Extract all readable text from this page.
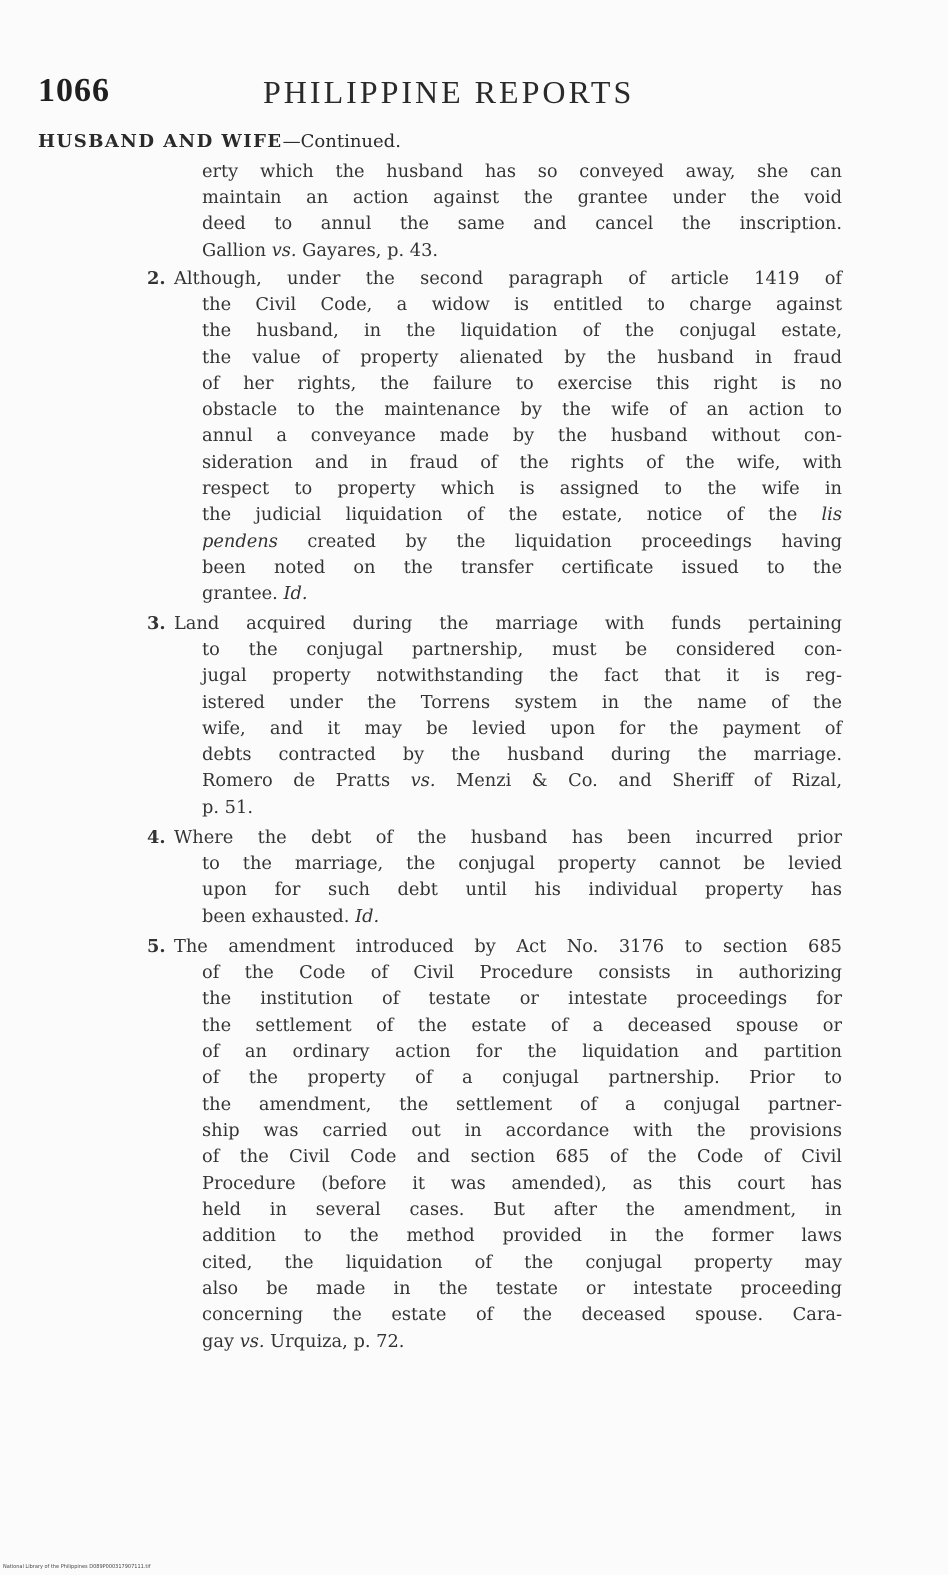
1066	PHILIPPINE REPORTS
HUSBAND AND WIFE—Continued.
erty which the husband has so conveyed away, she can
maintain an action against the grantee under the void
deed to annul the same and cancel the inscription.
Gallion vs. Gayares, p. 43.
2. Although, under the second paragraph of article 1419 of
the Civil Code, a widow is entitled to charge against
the husband, in the liquidation of the conjugal estate,
the value of property alienated by the husband in fraud
of her rights, the failure to exercise this right is no
obstacle to the maintenance by the wife of an action to
annul a conveyance made by the husband without con-
sideration and in fraud of the rights of the wife, with
respect to property which is assigned to the wife in
the judicial liquidation of the estate, notice of the lis
pendens created by the liquidation proceedings having
been noted on the transfer certificate issued to the
grantee. Id.
3. Land acquired during the marriage with funds pertaining
to the conjugal partnership, must be considered con-
jugal property notwithstanding the fact that it is reg-
istered under the Torrens system in the name of the
wife, and it may be levied upon for the payment of
debts contracted by the husband during the marriage.
Romero de Pratts vs. Menzi & Co. and Sheriff of Rizal,
p. 51.
4. Where the debt of the husband has been incurred prior
to the marriage, the conjugal property cannot be levied
upon for such debt until his individual property has
been exhausted. Id.
5. The amendment introduced by Act No. 3176 to section 685
of the Code of Civil Procedure consists in authorizing
the institution of testate or intestate proceedings for
the settlement of the estate of a deceased spouse or
of an ordinary action for the liquidation and partition
of the property of a conjugal partnership. Prior to
the amendment, the settlement of a conjugal partner-
ship was carried out in accordance with the provisions
of the Civil Code and section 685 of the Code of Civil
Procedure (before it was amended), as this court has
held in several cases. But after the amendment, in
addition to the method provided in the former laws
cited, the liquidation of the conjugal property may
also be made in the testate or intestate proceeding
concerning the estate of the deceased spouse. Cara-
gay vs. Urquiza, p. 72.
National Library of the Philippines D089P000317907111.tif
